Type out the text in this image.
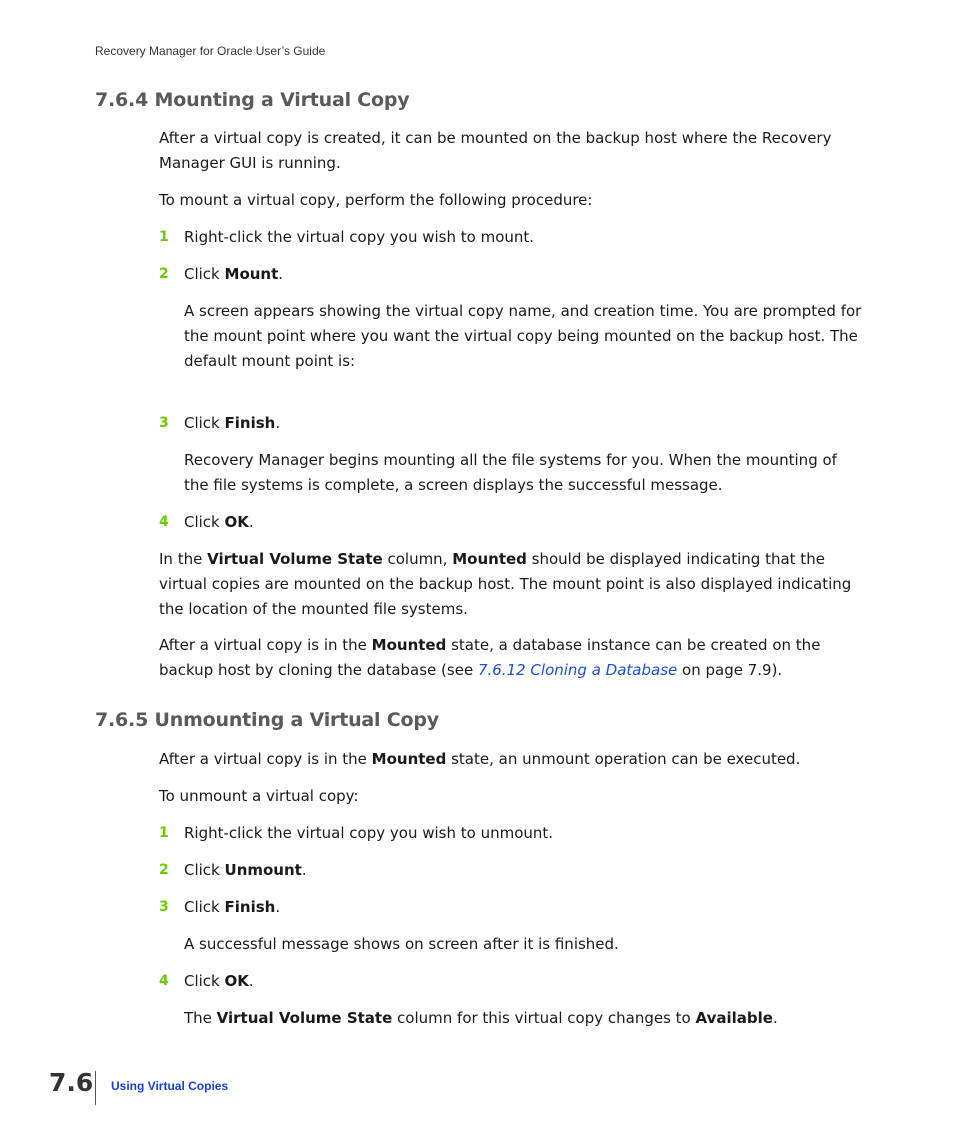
Recovery Manager for Oracle User’s Guide
7.6.4 Mounting a Virtual Copy
After a virtual copy is created, it can be mounted on the backup host where the Recovery Manager GUI is running.
To mount a virtual copy, perform the following procedure:
1 Right-click the virtual copy you wish to mount.
2 Click Mount.
A screen appears showing the virtual copy name, and creation time. You are prompted for the mount point where you want the virtual copy being mounted on the backup host. The default mount point is:
3 Click Finish.
Recovery Manager begins mounting all the file systems for you. When the mounting of the file systems is complete, a screen displays the successful message.
4 Click OK.
In the Virtual Volume State column, Mounted should be displayed indicating that the virtual copies are mounted on the backup host. The mount point is also displayed indicating the location of the mounted file systems.
After a virtual copy is in the Mounted state, a database instance can be created on the backup host by cloning the database (see 7.6.12 Cloning a Database on page 7.9).
7.6.5 Unmounting a Virtual Copy
After a virtual copy is in the Mounted state, an unmount operation can be executed.
To unmount a virtual copy:
1 Right-click the virtual copy you wish to unmount.
2 Click Unmount.
3 Click Finish.
A successful message shows on screen after it is finished.
4 Click OK.
The Virtual Volume State column for this virtual copy changes to Available.
7.6 Using Virtual Copies
